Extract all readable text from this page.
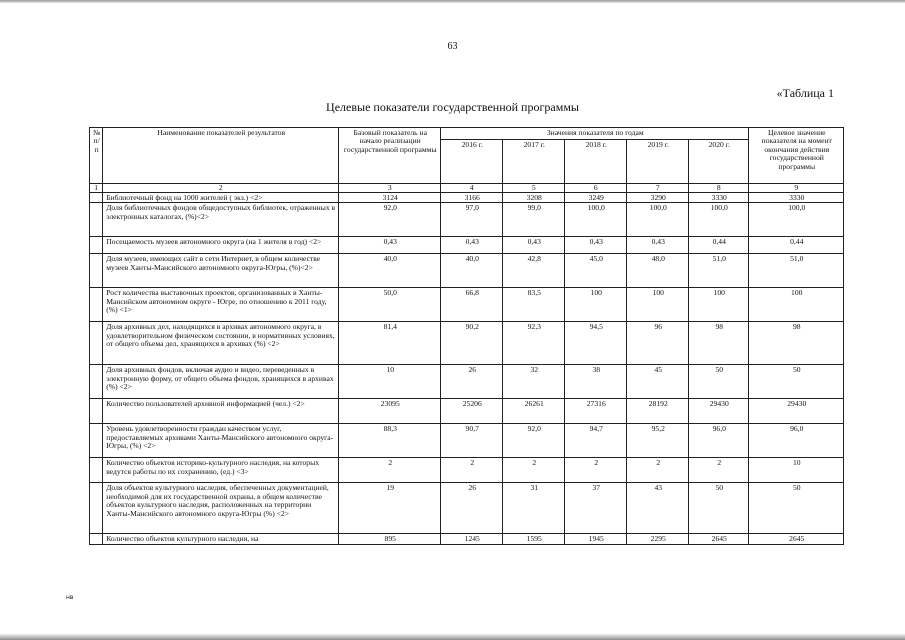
63
«Таблица 1
Целевые показатели государственной программы
№ п/п	Наименование показателей результатов	Базовый показатель на начало реализации государственной программы	Значения показателя по годам					Целевое значение показателя на момент окончания действия государственной программы
			2016 г.	2017 г.	2018 г.	2019 г.	2020 г.	
1	2	3	4	5	6	7	8	9
	Библиотечный фонд на 1000 жителей ( экз.) <2>	3124	3166	3208	3249	3290	3330	3330
	Доля библиотечных фондов общедоступных библиотек, отраженных в электронных каталогах, (%)<2>	92,0	97,0	99,0	100,0	100,0	100,0	100,0
	Посещаемость музеев автономного округа (на 1 жителя в год) <2>	0,43	0,43	0,43	0,43	0,43	0,44	0,44
	Доля музеев, имеющих сайт в сети Интернет, в общем количестве музеев Ханты-Мансийского автономного округа-Югры, (%)<2>	40,0	40,0	42,8	45,0	48,0	51,0	51,0
	Рост количества выставочных проектов, организованных в Ханты-Мансийском автономном округе - Югре, по отношению к 2011 году, (%) <1>	50,0	66,8	83,5	100	100	100	100
	Доля архивных дел, находящихся в архивах автономного округа, в удовлетворительном физическом состоянии, в нормативных условиях, от общего объема дел, хранящихся в архивах (%) <2>	81,4	90,2	92,3	94,5	96	98	98
	Доля архивных фондов, включая аудио и видео, переведенных в электронную форму, от общего объема фондов, хранящихся в архивах (%) <2>	10	26	32	38	45	50	50
	Количество пользователей архивной информацией (чел.) <2>	23095	25206	26261	27316	28192	29430	29430
	Уровень удовлетворенности граждан качеством услуг, предоставляемых архивами Ханты-Мансийского автономного округа-Югры, (%) <2>	88,3	90,7	92,0	94,7	95,2	96,0	96,0
	Количество объектов историко-культурного наследия, на которых ведутся работы по их сохранению, (ед.) <3>	2	2	2	2	2	2	10
	Доля объектов культурного наследия, обеспеченных документацией, необходимой для их государственной охраны, в общем количестве объектов культурного наследия, расположенных на территории Ханты-Мансийского автономного округа-Югры (%) <2>	19	26	31	37	43	50	50
	Количество объектов культурного наследия, на	895	1245	1595	1945	2295	2645	2645
нв
